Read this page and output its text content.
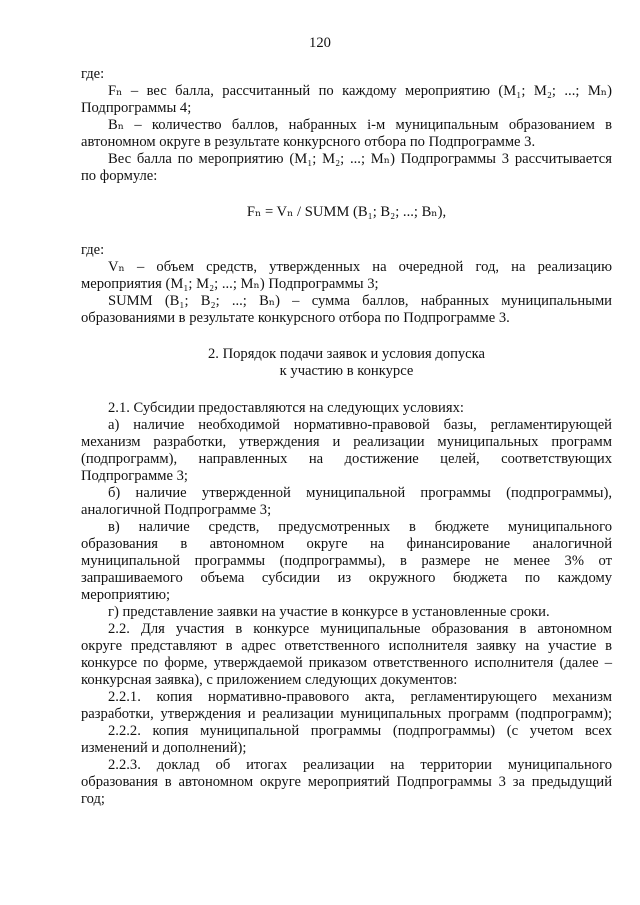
120
где:
Fₙ – вес балла, рассчитанный по каждому мероприятию (M₁; M₂; ...; Mₙ)
Подпрограммы 4;
Bₙ – количество баллов, набранных i-м муниципальным образованием в
автономном округе в результате конкурсного отбора по Подпрограмме 3.
Вес балла по мероприятию (M₁; M₂; ...; Mₙ) Подпрограммы 3 рассчитывается
по формуле:
Fₙ = Vₙ / SUMM (B₁; B₂; ...; Bₙ),
где:
Vₙ – объем средств, утвержденных на очередной год, на реализацию
мероприятия (M₁; M₂; ...; Mₙ) Подпрограммы 3;
SUMM (B₁; B₂; ...; Bₙ) – сумма баллов, набранных муниципальными
образованиями в результате конкурсного отбора по Подпрограмме 3.
2. Порядок подачи заявок и условия допуска
к участию в конкурсе
2.1. Субсидии предоставляются на следующих условиях:
а) наличие необходимой нормативно-правовой базы, регламентирующей
механизм разработки, утверждения и реализации муниципальных программ
(подпрограмм), направленных на достижение целей, соответствующих
Подпрограмме 3;
б) наличие утвержденной муниципальной программы (подпрограммы),
аналогичной Подпрограмме 3;
в) наличие средств, предусмотренных в бюджете муниципального
образования в автономном округе на финансирование аналогичной
муниципальной программы (подпрограммы), в размере не менее 3% от
запрашиваемого объема субсидии из окружного бюджета по каждому
мероприятию;
г) представление заявки на участие в конкурсе в установленные сроки.
2.2. Для участия в конкурсе муниципальные образования в автономном
округе представляют в адрес ответственного исполнителя заявку на участие в
конкурсе по форме, утверждаемой приказом ответственного исполнителя (далее –
конкурсная заявка), с приложением следующих документов:
2.2.1. копия нормативно-правового акта, регламентирующего механизм
разработки, утверждения и реализации муниципальных программ (подпрограмм);
2.2.2. копия муниципальной программы (подпрограммы) (с учетом всех
изменений и дополнений);
2.2.3. доклад об итогах реализации на территории муниципального
образования в автономном округе мероприятий Подпрограммы 3 за предыдущий
год;
